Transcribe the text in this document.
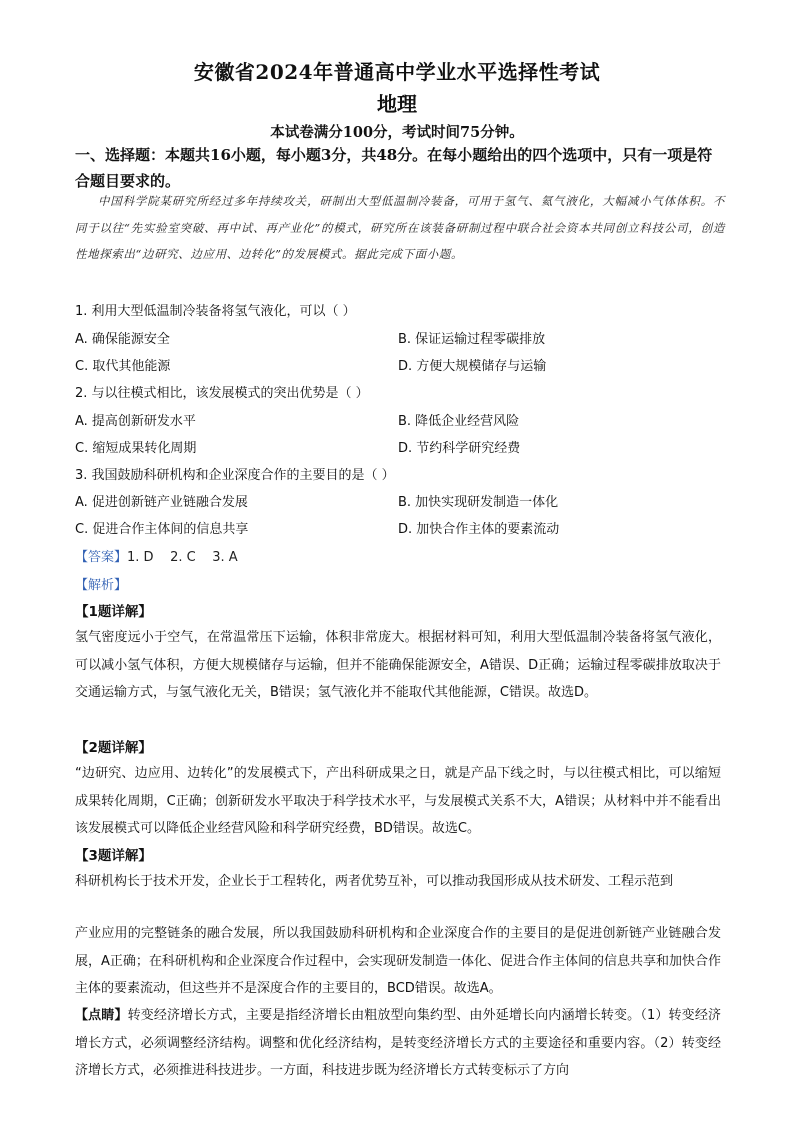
安徽省2024年普通高中学业水平选择性考试
地理
本试卷满分100分，考试时间75分钟。
一、选择题：本题共16小题，每小题3分，共48分。在每小题给出的四个选项中，只有一项是符合题目要求的。
中国科学院某研究所经过多年持续攻关，研制出大型低温制冷装备，可用于氢气、氦气液化，大幅减小气体体积。不同于以往“先实验室突破、再中试、再产业化”的模式，研究所在该装备研制过程中联合社会资本共同创立科技公司，创造性地探索出“边研究、边应用、边转化”的发展模式。据此完成下面小题。
1. 利用大型低温制冷装备将氢气液化，可以（ ）
A. 确保能源安全	B. 保证运输过程零碳排放
C. 取代其他能源	D. 方便大规模储存与运输
2. 与以往模式相比，该发展模式的突出优势是（ ）
A. 提高创新研发水平	B. 降低企业经营风险
C. 缩短成果转化周期	D. 节约科学研究经费
3. 我国鼓励科研机构和企业深度合作的主要目的是（ ）
A. 促进创新链产业链融合发展	B. 加快实现研发制造一体化
C. 促进合作主体间的信息共享	D. 加快合作主体的要素流动
【答案】1. D    2. C    3. A
【解析】
【1题详解】
氢气密度远小于空气，在常温常压下运输，体积非常庞大。根据材料可知，利用大型低温制冷装备将氢气液化，可以减小氢气体积，方便大规模储存与运输，但并不能确保能源安全，A错误、D正确；运输过程零碳排放取决于交通运输方式，与氢气液化无关，B错误；氢气液化并不能取代其他能源，C错误。故选D。
【2题详解】
“边研究、边应用、边转化”的发展模式下，产出科研成果之日，就是产品下线之时，与以往模式相比，可以缩短成果转化周期，C正确；创新研发水平取决于科学技术水平，与发展模式关系不大，A错误；从材料中并不能看出该发展模式可以降低企业经营风险和科学研究经费，BD错误。故选C。
【3题详解】
科研机构长于技术开发，企业长于工程转化，两者优势互补，可以推动我国形成从技术研发、工程示范到
产业应用的完整链条的融合发展，所以我国鼓励科研机构和企业深度合作的主要目的是促进创新链产业链融合发展，A正确；在科研机构和企业深度合作过程中，会实现研发制造一体化、促进合作主体间的信息共享和加快合作主体的要素流动，但这些并不是深度合作的主要目的，BCD错误。故选A。
【点睛】转变经济增长方式，主要是指经济增长由粗放型向集约型、由外延增长向内涵增长转变。（1）转变经济增长方式，必须调整经济结构。调整和优化经济结构，是转变经济增长方式的主要途径和重要内容。（2）转变经济增长方式，必须推进科技进步。一方面，科技进步既为经济增长方式转变标示了方向
